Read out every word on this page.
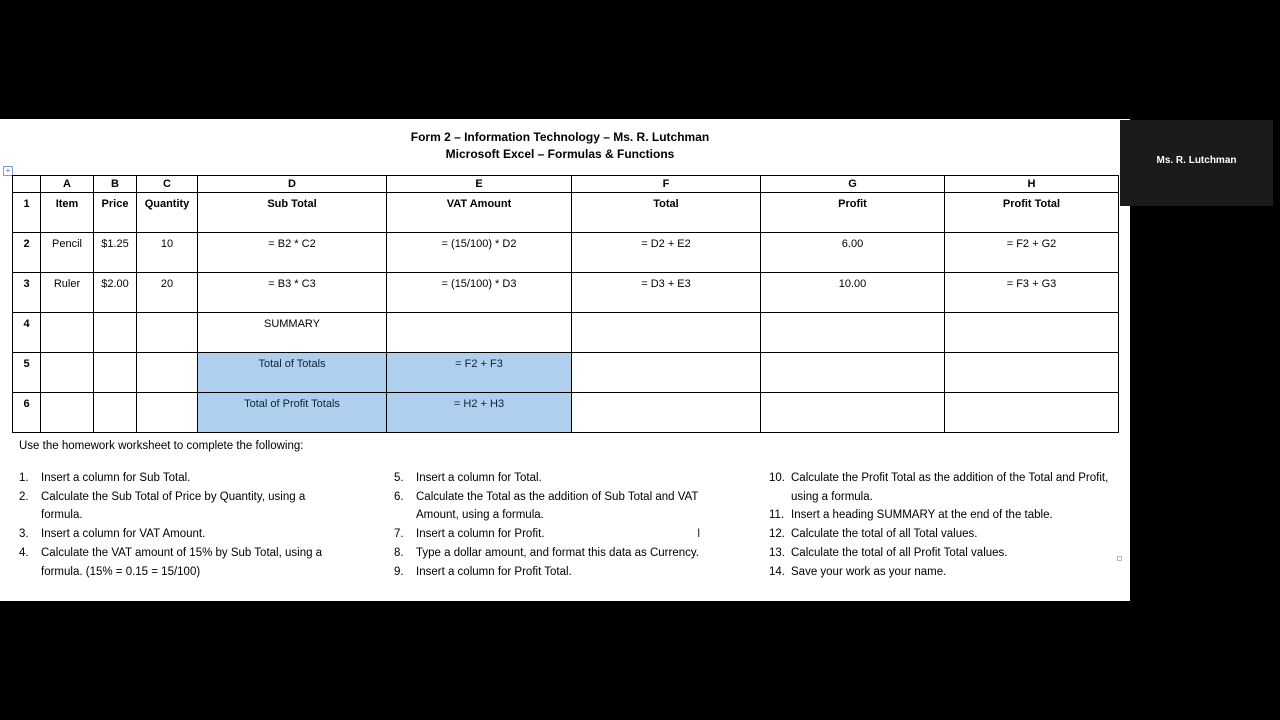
Form 2 – Information Technology – Ms. R. Lutchman
Microsoft Excel – Formulas & Functions
+
	A	B	C	D	E	F	G	H
1	Item	Price	Quantity	Sub Total	VAT Amount	Total	Profit	Profit Total
2	Pencil	$1.25	10	= B2 * C2	= (15/100) * D2	= D2 + E2	6.00	= F2 + G2
3	Ruler	$2.00	20	= B3 * C3	= (15/100) * D3	= D3 + E3	10.00	= F3 + G3
4				SUMMARY				
5				Total of Totals	= F2 + F3			
6				Total of Profit Totals	= H2 + H3			
Use the homework worksheet to complete the following:
1. Insert a column for Sub Total.
2. Calculate the Sub Total of Price by Quantity, using a formula.
3. Insert a column for VAT Amount.
4. Calculate the VAT amount of 15% by Sub Total, using a formula. (15% = 0.15 = 15/100)
5. Insert a column for Total.
6. Calculate the Total as the addition of Sub Total and VAT Amount, using a formula.
7. Insert a column for Profit.
8. Type a dollar amount, and format this data as Currency.
9. Insert a column for Profit Total.
10. Calculate the Profit Total as the addition of the Total and Profit, using a formula.
11. Insert a heading SUMMARY at the end of the table.
12. Calculate the total of all Total values.
13. Calculate the total of all Profit Total values.
14. Save your work as your name.
I
Ms. R. Lutchman
